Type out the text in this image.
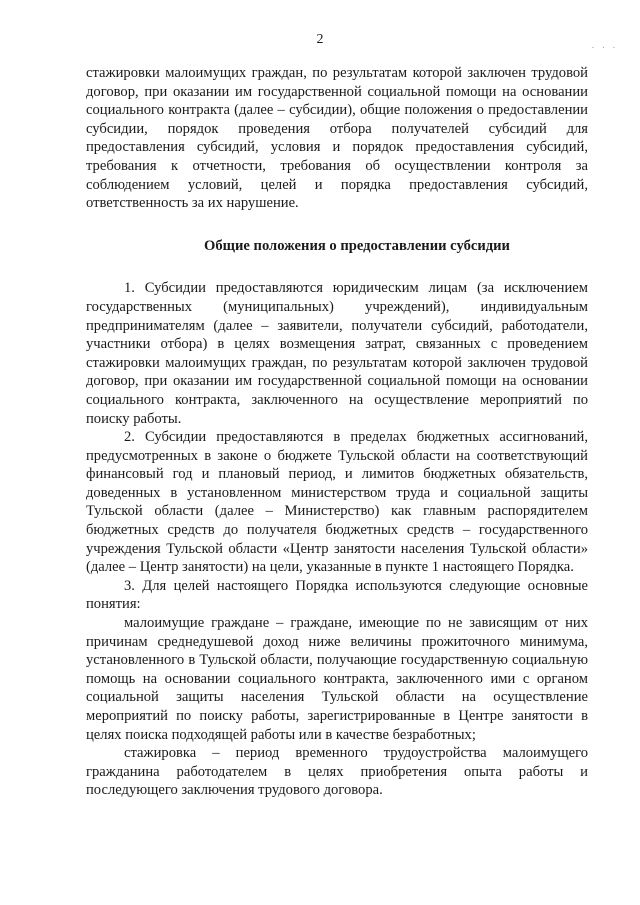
2	. . .

стажировки малоимущих граждан, по результатам которой заключен трудовой договор, при оказании им государственной социальной помощи на основании социального контракта (далее – субсидии), общие положения о предоставлении субсидии, порядок проведения отбора получателей субсидий для предоставления субсидий, условия и порядок предоставления субсидий, требования к отчетности, требования об осуществлении контроля за соблюдением условий, целей и порядка предоставления субсидий, ответственность за их нарушение.

Общие положения о предоставлении субсидии

1. Субсидии предоставляются юридическим лицам (за исключением государственных (муниципальных) учреждений), индивидуальным предпринимателям (далее – заявители, получатели субсидий, работодатели, участники отбора) в целях возмещения затрат, связанных с проведением стажировки малоимущих граждан, по результатам которой заключен трудовой договор, при оказании им государственной социальной помощи на основании социального контракта, заключенного на осуществление мероприятий по поиску работы.

2. Субсидии предоставляются в пределах бюджетных ассигнований, предусмотренных в законе о бюджете Тульской области на соответствующий финансовый год и плановый период, и лимитов бюджетных обязательств, доведенных в установленном министерством труда и социальной защиты Тульской области (далее – Министерство) как главным распорядителем бюджетных средств до получателя бюджетных средств – государственного учреждения Тульской области «Центр занятости населения Тульской области» (далее – Центр занятости) на цели, указанные в пункте 1 настоящего Порядка.

3. Для целей настоящего Порядка используются следующие основные понятия:

малоимущие граждане – граждане, имеющие по не зависящим от них причинам среднедушевой доход ниже величины прожиточного минимума, установленного в Тульской области, получающие государственную социальную помощь на основании социального контракта, заключенного ими с органом социальной защиты населения Тульской области на осуществление мероприятий по поиску работы, зарегистрированные в Центре занятости в целях поиска подходящей работы или в качестве безработных;

стажировка – период временного трудоустройства малоимущего гражданина работодателем в целях приобретения опыта работы и последующего заключения трудового договора.
